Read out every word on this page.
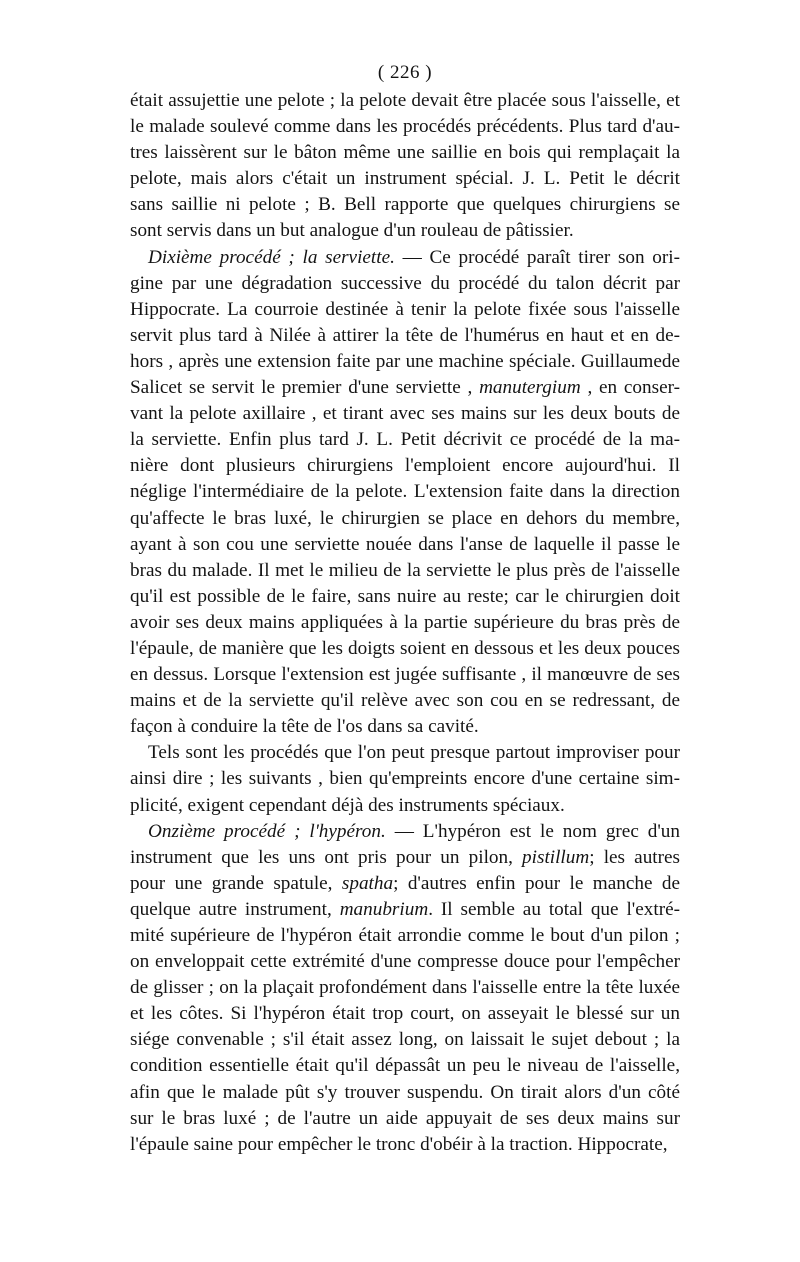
( 226 )
était assujettie une pelote ; la pelote devait être placée sous l'aisselle, et
le malade soulevé comme dans les procédés précédents. Plus tard d'au-
tres laissèrent sur le bâton même une saillie en bois qui remplaçait la
pelote, mais alors c'était un instrument spécial. J. L. Petit le décrit
sans saillie ni pelote ; B. Bell rapporte que quelques chirurgiens se
sont servis dans un but analogue d'un rouleau de pâtissier.
Dixième procédé ; la serviette. — Ce procédé paraît tirer son ori-
gine par une dégradation successive du procédé du talon décrit par
Hippocrate. La courroie destinée à tenir la pelote fixée sous l'aisselle
servit plus tard à Nilée à attirer la tête de l'humérus en haut et en de-
hors , après une extension faite par une machine spéciale. Guillaumede
Salicet se servit le premier d'une serviette , manutergium , en conser-
vant la pelote axillaire , et tirant avec ses mains sur les deux bouts de
la serviette. Enfin plus tard J. L. Petit décrivit ce procédé de la ma-
nière dont plusieurs chirurgiens l'emploient encore aujourd'hui. Il
néglige l'intermédiaire de la pelote. L'extension faite dans la direction
qu'affecte le bras luxé, le chirurgien se place en dehors du membre,
ayant à son cou une serviette nouée dans l'anse de laquelle il passe le
bras du malade. Il met le milieu de la serviette le plus près de l'aisselle
qu'il est possible de le faire, sans nuire au reste; car le chirurgien doit
avoir ses deux mains appliquées à la partie supérieure du bras près de
l'épaule, de manière que les doigts soient en dessous et les deux pouces
en dessus. Lorsque l'extension est jugée suffisante , il manœuvre de ses
mains et de la serviette qu'il relève avec son cou en se redressant, de
façon à conduire la tête de l'os dans sa cavité.
Tels sont les procédés que l'on peut presque partout improviser pour
ainsi dire ; les suivants , bien qu'empreints encore d'une certaine sim-
plicité, exigent cependant déjà des instruments spéciaux.
Onzième procédé ; l'hypéron. — L'hypéron est le nom grec d'un
instrument que les uns ont pris pour un pilon, pistillum; les autres
pour une grande spatule, spatha; d'autres enfin pour le manche de
quelque autre instrument, manubrium. Il semble au total que l'extré-
mité supérieure de l'hypéron était arrondie comme le bout d'un pilon ;
on enveloppait cette extrémité d'une compresse douce pour l'empêcher
de glisser ; on la plaçait profondément dans l'aisselle entre la tête luxée
et les côtes. Si l'hypéron était trop court, on asseyait le blessé sur un
siége convenable ; s'il était assez long, on laissait le sujet debout ; la
condition essentielle était qu'il dépassât un peu le niveau de l'aisselle,
afin que le malade pût s'y trouver suspendu. On tirait alors d'un côté
sur le bras luxé ; de l'autre un aide appuyait de ses deux mains sur
l'épaule saine pour empêcher le tronc d'obéir à la traction. Hippocrate,
